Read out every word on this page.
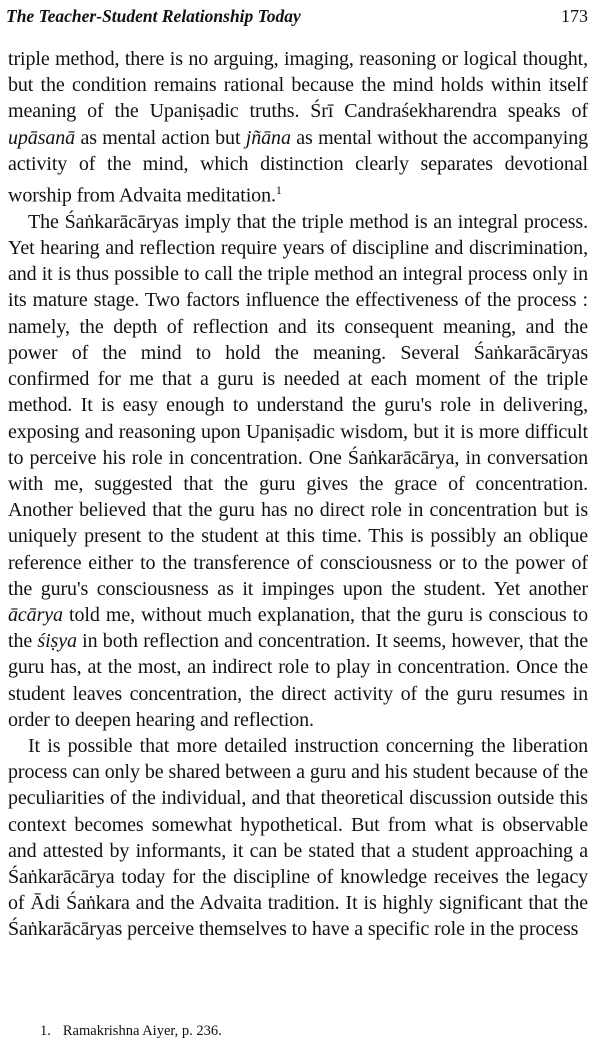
The Teacher-Student Relationship Today	173

triple method, there is no arguing, imaging, reasoning or logical thought, but the condition remains rational because the mind holds within itself meaning of the Upaniṣadic truths. Śrī Candraśekharendra speaks of upāsanā as mental action but jñāna as mental without the accompanying activity of the mind, which distinction clearly separates devotional worship from Advaita meditation.$^1$

The Śaṅkarācāryas imply that the triple method is an integral process. Yet hearing and reflection require years of discipline and discrimination, and it is thus possible to call the triple method an integral process only in its mature stage. Two factors influence the effectiveness of the process : namely, the depth of reflection and its consequent meaning, and the power of the mind to hold the meaning. Several Śaṅkarācāryas confirmed for me that a guru is needed at each moment of the triple method. It is easy enough to understand the guru's role in delivering, exposing and reasoning upon Upaniṣadic wisdom, but it is more difficult to perceive his role in concentration. One Śaṅkarācārya, in conversation with me, suggested that the guru gives the grace of concentration. Another believed that the guru has no direct role in concentration but is uniquely present to the student at this time. This is possibly an oblique reference either to the transference of consciousness or to the power of the guru's consciousness as it impinges upon the student. Yet another ācārya told me, without much explanation, that the guru is conscious to the śiṣya in both reflection and concentration. It seems, however, that the guru has, at the most, an indirect role to play in concentration. Once the student leaves concentration, the direct activity of the guru resumes in order to deepen hearing and reflection.

It is possible that more detailed instruction concerning the liberation process can only be shared between a guru and his student because of the peculiarities of the individual, and that theoretical discussion outside this context becomes somewhat hypothetical. But from what is observable and attested by informants, it can be stated that a student approaching a Śaṅkarācārya today for the discipline of knowledge receives the legacy of Ādi Śaṅkara and the Advaita tradition. It is highly significant that the Śaṅkarācāryas perceive themselves to have a specific role in the process

1. Ramakrishna Aiyer, p. 236.
